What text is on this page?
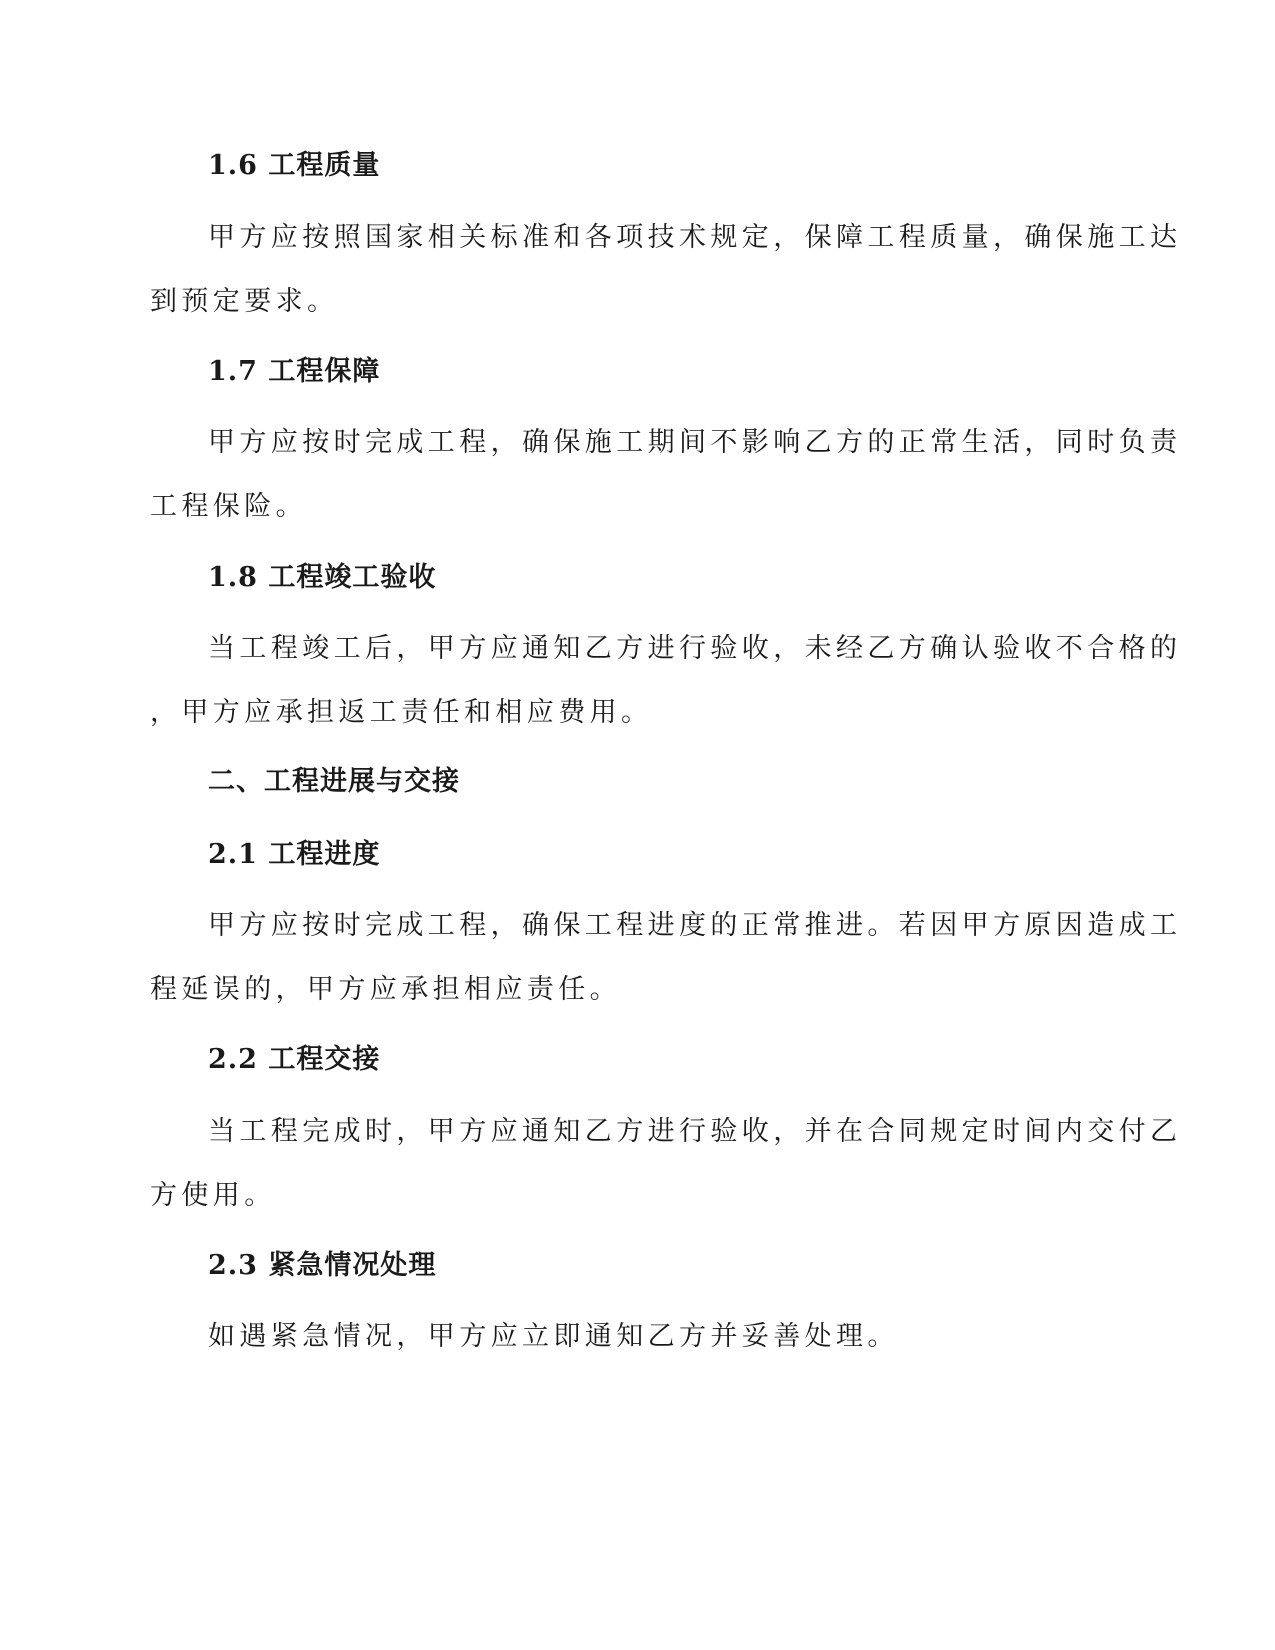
1.6 工程质量
甲方应按照国家相关标准和各项技术规定，保障工程质量，确保施工达
到预定要求。
1.7 工程保障
甲方应按时完成工程，确保施工期间不影响乙方的正常生活，同时负责
工程保险。
1.8 工程竣工验收
当工程竣工后，甲方应通知乙方进行验收，未经乙方确认验收不合格的
，甲方应承担返工责任和相应费用。
二、工程进展与交接
2.1 工程进度
甲方应按时完成工程，确保工程进度的正常推进。若因甲方原因造成工
程延误的，甲方应承担相应责任。
2.2 工程交接
当工程完成时，甲方应通知乙方进行验收，并在合同规定时间内交付乙
方使用。
2.3 紧急情况处理
如遇紧急情况，甲方应立即通知乙方并妥善处理。
